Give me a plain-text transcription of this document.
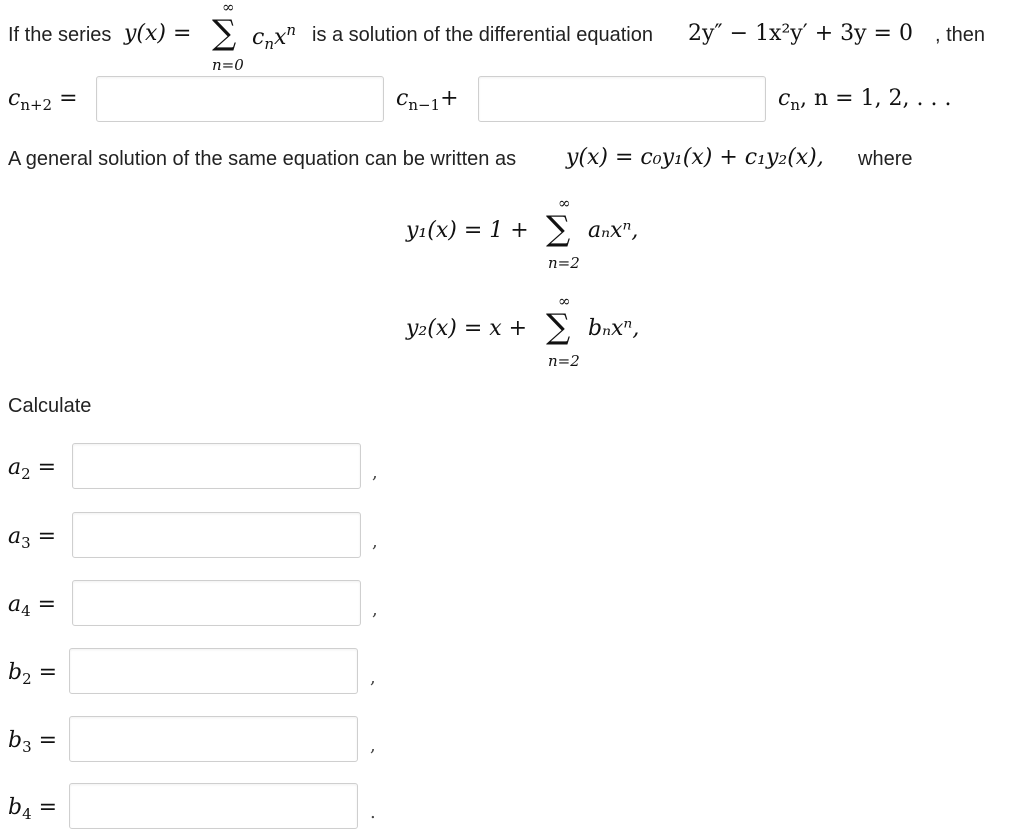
If the series y(x) =
∞
∑
n=0
$c_nx^n$ is a solution of the differential equation 2y″ − 1x²y′ + 3y = 0 , then
$c_{n+2}$ =	$c_{n-1}+$	$c_n$, n = 1, 2, . . .
A general solution of the same equation can be written as y(x) = c₀y₁(x) + c₁y₂(x), where
y₁(x) = 1 +
∞
∑
n=2
aₙxⁿ,
y₂(x) = x +
∞
∑
n=2
bₙxⁿ,
Calculate
$a_2$ =	,
$a_3$ =	,
$a_4$ =	,
$b_2$ =	,
$b_3$ =	,
$b_4$ =	.
